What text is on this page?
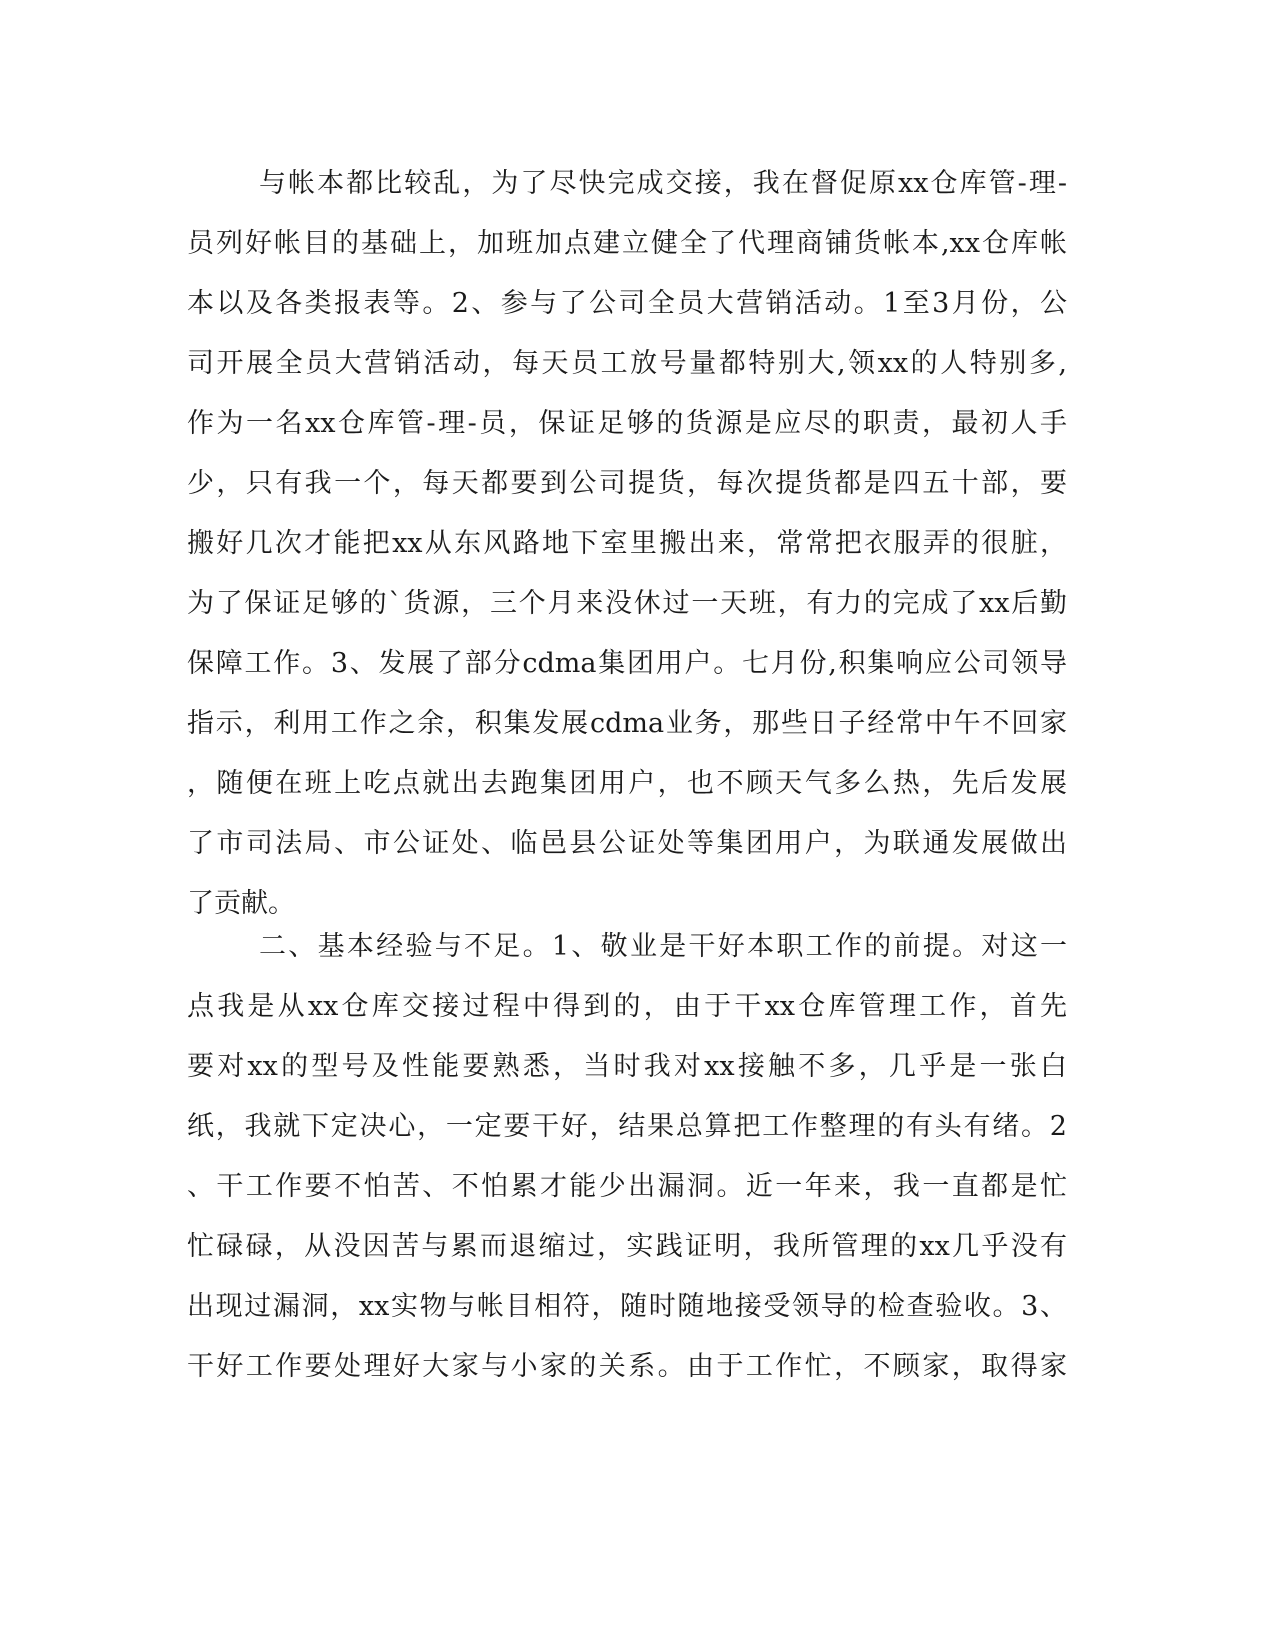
与帐本都比较乱，为了尽快完成交接，我在督促原xx仓库管-理-
员列好帐目的基础上，加班加点建立健全了代理商铺货帐本,xx仓库帐
本以及各类报表等。2、参与了公司全员大营销活动。1至3月份，公
司开展全员大营销活动，每天员工放号量都特别大,领xx的人特别多,
作为一名xx仓库管-理-员，保证足够的货源是应尽的职责，最初人手
少，只有我一个，每天都要到公司提货，每次提货都是四五十部，要
搬好几次才能把xx从东风路地下室里搬出来，常常把衣服弄的很脏，
为了保证足够的`货源，三个月来没休过一天班，有力的完成了xx后勤
保障工作。3、发展了部分cdma集团用户。七月份,积集响应公司领导
指示，利用工作之余，积集发展cdma业务，那些日子经常中午不回家
，随便在班上吃点就出去跑集团用户，也不顾天气多么热，先后发展
了市司法局、市公证处、临邑县公证处等集团用户，为联通发展做出
了贡献。
二、基本经验与不足。1、敬业是干好本职工作的前提。对这一
点我是从xx仓库交接过程中得到的，由于干xx仓库管理工作，首先
要对xx的型号及性能要熟悉，当时我对xx接触不多，几乎是一张白
纸，我就下定决心，一定要干好，结果总算把工作整理的有头有绪。2
、干工作要不怕苦、不怕累才能少出漏洞。近一年来，我一直都是忙
忙碌碌，从没因苦与累而退缩过，实践证明，我所管理的xx几乎没有
出现过漏洞，xx实物与帐目相符，随时随地接受领导的检查验收。3、
干好工作要处理好大家与小家的关系。由于工作忙，不顾家，取得家
